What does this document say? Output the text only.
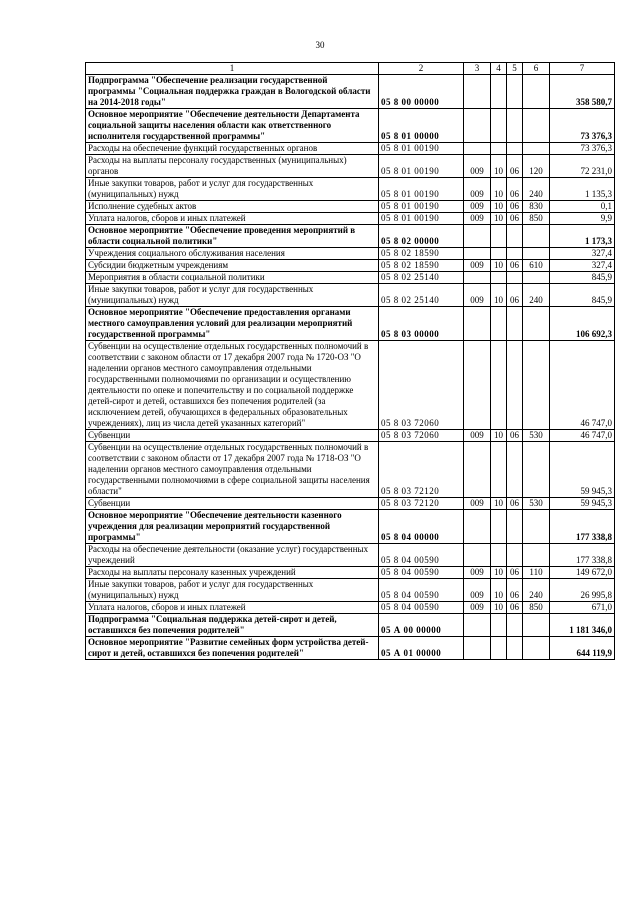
30
1	2	3	4	5	6	7
Подпрограмма "Обеспечение реализации государственной программы "Социальная поддержка граждан в Вологодской области на 2014-2018 годы"	05 8 00 00000					358 580,7
Основное мероприятие "Обеспечение деятельности Департамента социальной защиты населения области как ответственного исполнителя государственной программы"	05 8 01 00000					73 376,3
Расходы на обеспечение функций государственных органов	05 8 01 00190					73 376,3
Расходы на выплаты персоналу государственных (муниципальных) органов	05 8 01 00190	009	10	06	120	72 231,0
Иные закупки товаров, работ и услуг для государственных (муниципальных) нужд	05 8 01 00190	009	10	06	240	1 135,3
Исполнение судебных актов	05 8 01 00190	009	10	06	830	0,1
Уплата налогов, сборов и иных платежей	05 8 01 00190	009	10	06	850	9,9
Основное мероприятие "Обеспечение проведения мероприятий в области социальной политики"	05 8 02 00000					1 173,3
Учреждения социального обслуживания населения	05 8 02 18590					327,4
Субсидии бюджетным учреждениям	05 8 02 18590	009	10	06	610	327,4
Мероприятия в области социальной политики	05 8 02 25140					845,9
Иные закупки товаров, работ и услуг для государственных (муниципальных) нужд	05 8 02 25140	009	10	06	240	845,9
Основное мероприятие "Обеспечение предоставления органами местного самоуправления условий для реализации мероприятий государственной программы"	05 8 03 00000					106 692,3
Субвенции на осуществление отдельных государственных полномочий в соответствии с законом области от 17 декабря 2007 года № 1720-ОЗ "О наделении органов местного самоуправления отдельными государственными полномочиями по организации и осуществлению деятельности по опеке и попечительству и по социальной поддержке детей-сирот и детей, оставшихся без попечения родителей (за исключением детей, обучающихся в федеральных образовательных учреждениях), лиц из числа детей указанных категорий"	05 8 03 72060					46 747,0
Субвенции	05 8 03 72060	009	10	06	530	46 747,0
Субвенции на осуществление отдельных государственных полномочий в соответствии с законом области от 17 декабря 2007 года № 1718-ОЗ "О наделении органов местного самоуправления отдельными государственными полномочиями в сфере социальной защиты населения области"	05 8 03 72120					59 945,3
Субвенции	05 8 03 72120	009	10	06	530	59 945,3
Основное мероприятие "Обеспечение деятельности казенного учреждения для реализации мероприятий государственной программы"	05 8 04 00000					177 338,8
Расходы на обеспечение деятельности (оказание услуг) государственных учреждений	05 8 04 00590					177 338,8
Расходы на выплаты персоналу казенных учреждений	05 8 04 00590	009	10	06	110	149 672,0
Иные закупки товаров, работ и услуг для государственных (муниципальных) нужд	05 8 04 00590	009	10	06	240	26 995,8
Уплата налогов, сборов и иных платежей	05 8 04 00590	009	10	06	850	671,0
Подпрограмма "Социальная поддержка детей-сирот и детей, оставшихся без попечения родителей"	05 А 00 00000					1 181 346,0
Основное мероприятие "Развитие семейных форм устройства детей-сирот и детей, оставшихся без попечения родителей"	05 А 01 00000					644 119,9
